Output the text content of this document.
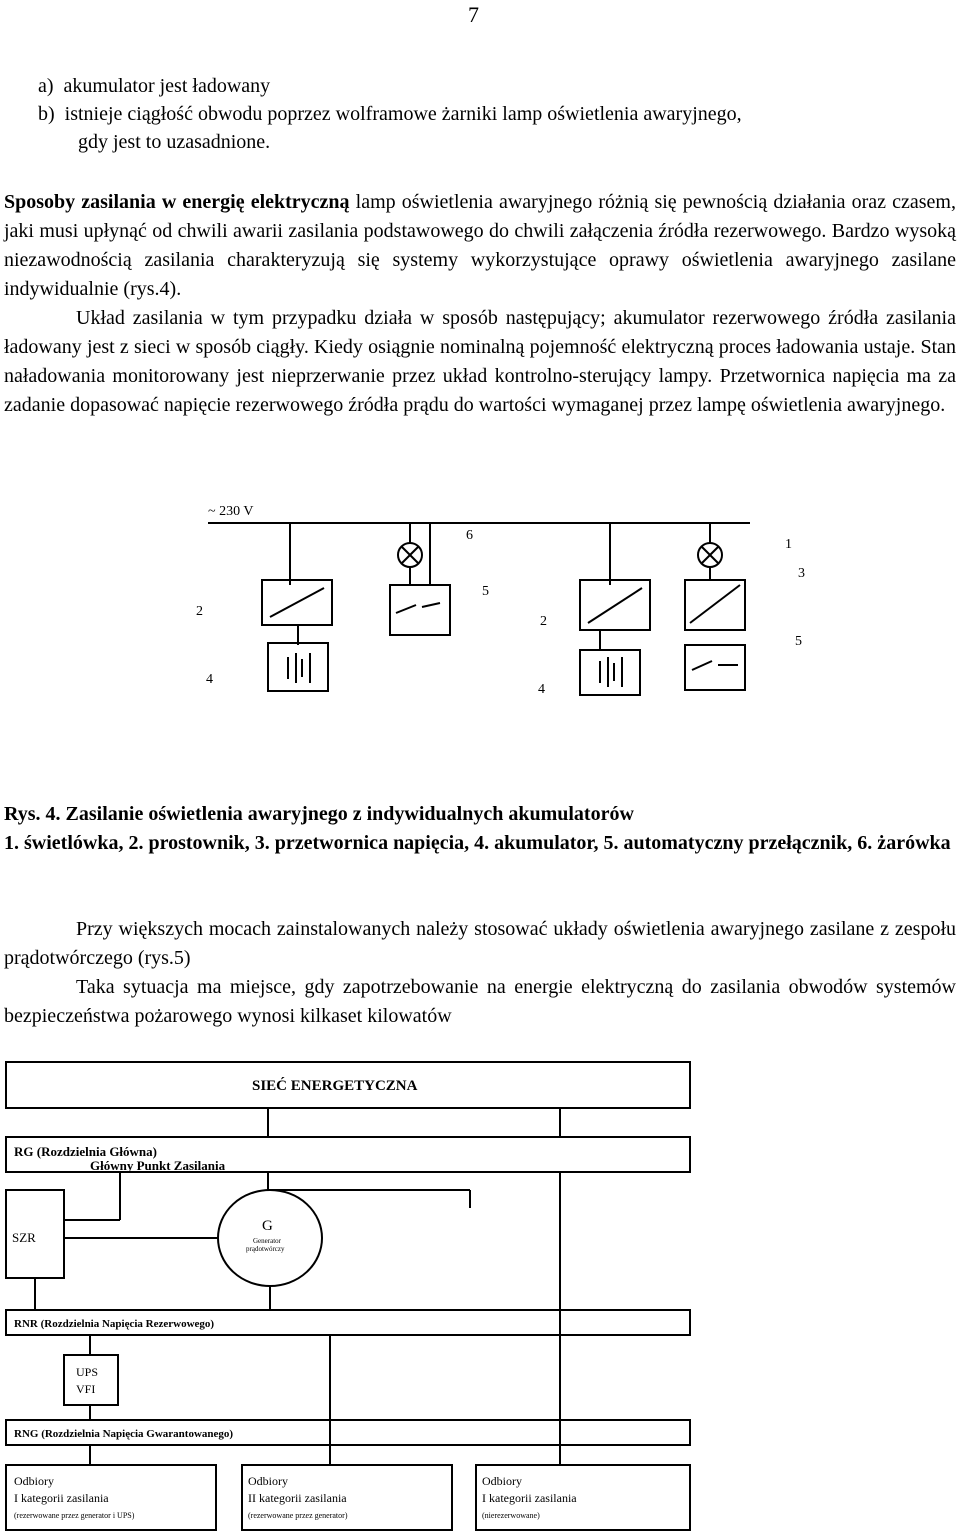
7
a)  akumulator jest ładowany
b)  istnieje ciągłość obwodu poprzez wolframowe żarniki lamp oświetlenia awaryjnego,
gdy jest to uzasadnione.

Sposoby zasilania w energię elektryczną lamp oświetlenia awaryjnego różnią się pewnością działania oraz czasem, jaki musi upłynąć od chwili awarii zasilania podstawowego do chwili załączenia źródła rezerwowego. Bardzo wysoką niezawodnością zasilania charakteryzują się systemy wykorzystujące oprawy oświetlenia awaryjnego zasilane indywidualnie (rys.4).

Układ zasilania w tym przypadku działa w sposób następujący; akumulator rezerwowego źródła zasilania ładowany jest z sieci w sposób ciągły. Kiedy osiągnie nominalną pojemność elektryczną proces ładowania ustaje. Stan naładowania monitorowany jest nieprzerwanie przez układ kontrolno-sterujący lampy. Przetwornica napięcia ma za zadanie dopasować napięcie rezerwowego źródła prądu do wartości wymaganej przez lampę oświetlenia awaryjnego.

~ 230 V
1
2
2
3
4
4
5
5
6
Rys. 4. Zasilanie oświetlenia awaryjnego z indywidualnych akumulatorów
1. świetlówka, 2. prostownik, 3. przetwornica napięcia, 4. akumulator, 5. automatyczny przełącznik, 6. żarówka

Przy większych mocach zainstalowanych należy stosować układy oświetlenia awaryjnego zasilane z zespołu prądotwórczego (rys.5)

Taka sytuacja ma miejsce, gdy zapotrzebowanie na energie elektryczną do zasilania obwodów systemów bezpieczeństwa pożarowego wynosi kilkaset kilowatów

SIEĆ ENERGETYCZNA
RG (Rozdzielnia Główna)
Główny Punkt Zasilania
SZR
G
Generator
prądotwórczy
RNR (Rozdzielnia Napięcia Rezerwowego)
UPS
VFI
RNG (Rozdzielnia Napięcia Gwarantowanego)
Odbiory
I kategorii zasilania
(rezerwowane przez generator i UPS)
Odbiory
II kategorii zasilania
(rezerwowane przez generator)
Odbiory
I kategorii zasilania
(nierezerwowane)
